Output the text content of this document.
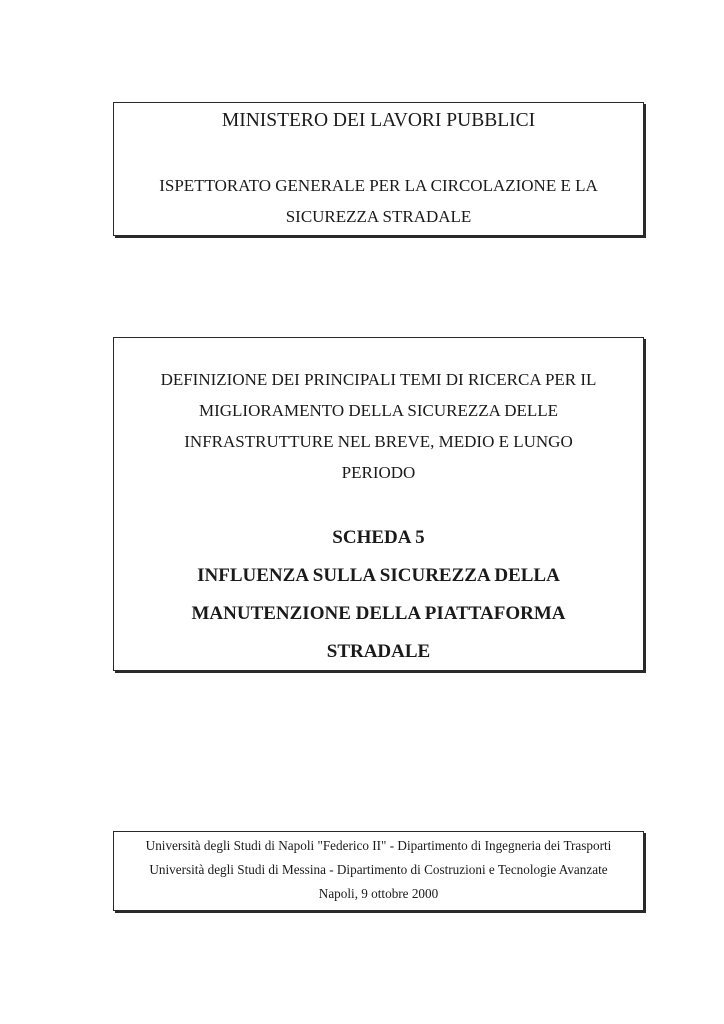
MINISTERO DEI LAVORI PUBBLICI
ISPETTORATO GENERALE PER LA CIRCOLAZIONE E LA
SICUREZZA STRADALE
DEFINIZIONE DEI PRINCIPALI TEMI DI RICERCA PER IL
MIGLIORAMENTO DELLA SICUREZZA DELLE
INFRASTRUTTURE NEL BREVE, MEDIO E LUNGO
PERIODO
SCHEDA 5
INFLUENZA SULLA SICUREZZA DELLA
MANUTENZIONE DELLA PIATTAFORMA
STRADALE
Università degli Studi di Napoli "Federico II" - Dipartimento di Ingegneria dei Trasporti
Università degli Studi di Messina - Dipartimento di Costruzioni e Tecnologie Avanzate
Napoli, 9 ottobre 2000
